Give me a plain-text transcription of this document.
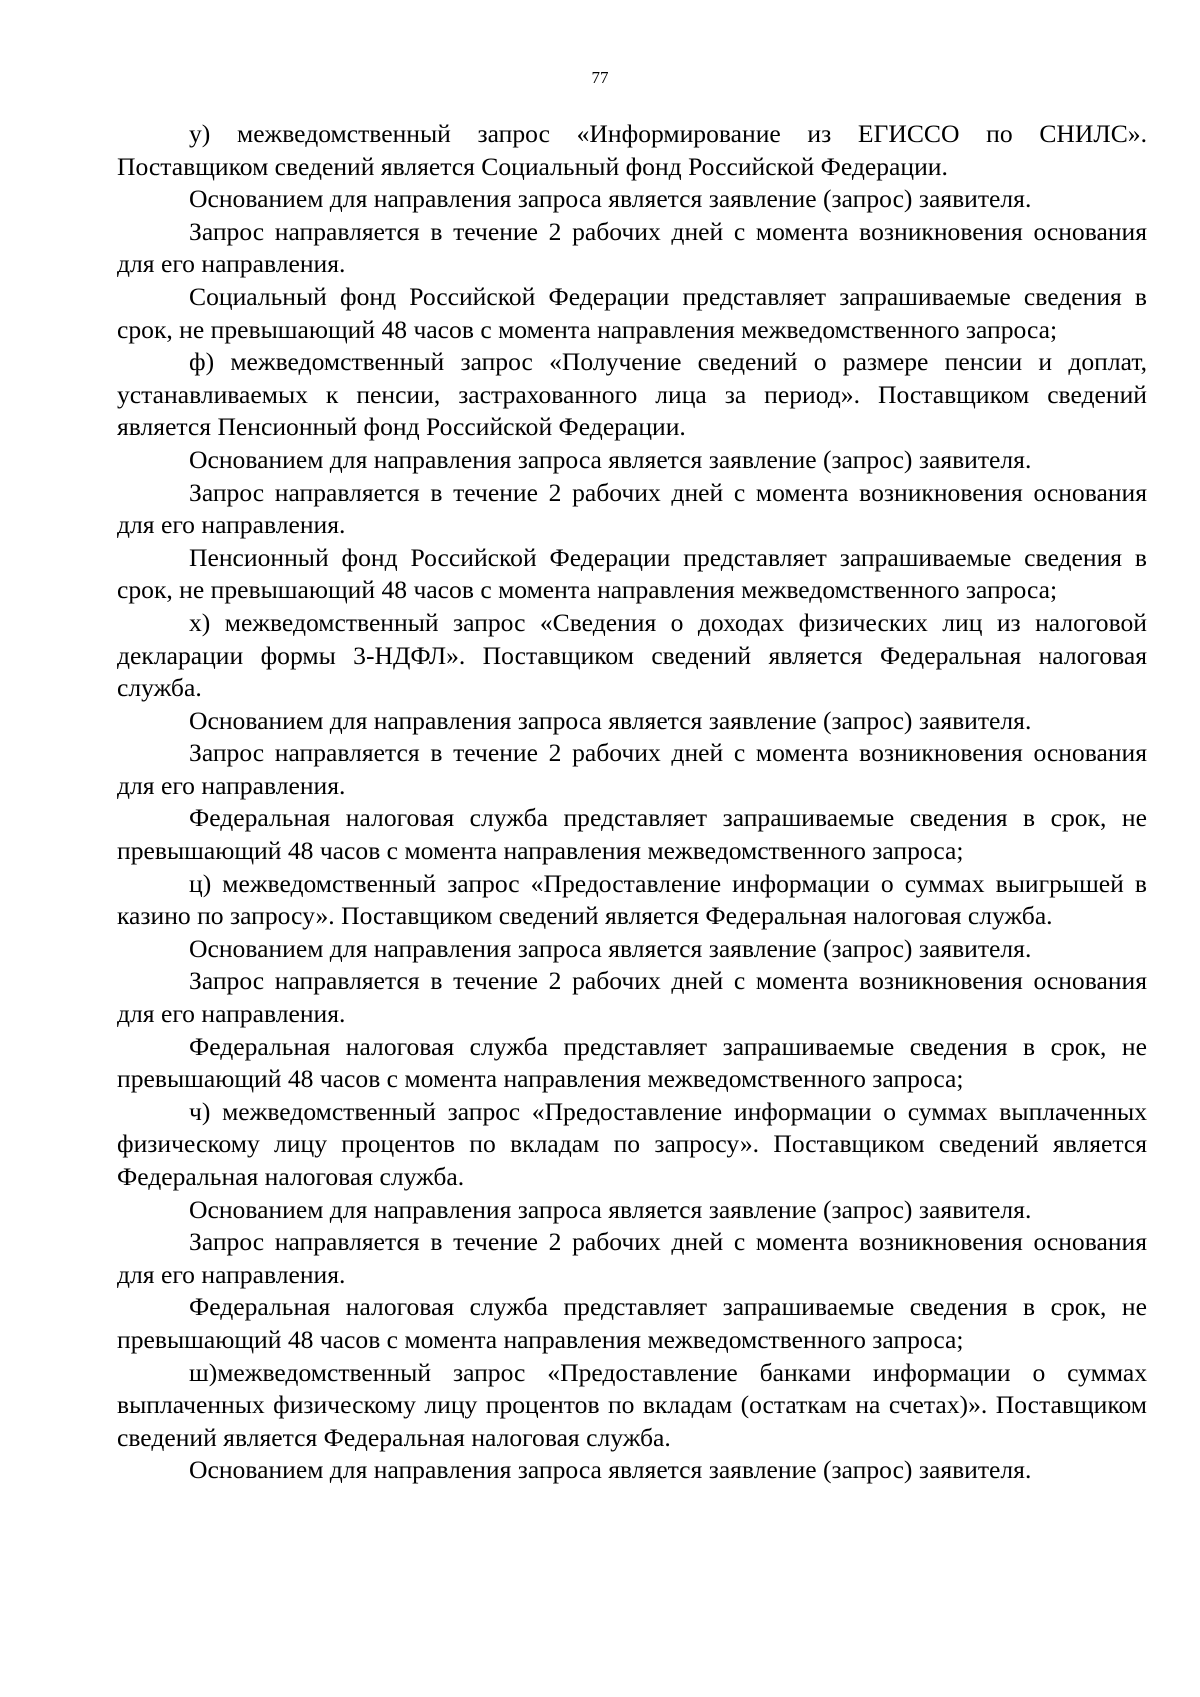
77

у) межведомственный запрос «Информирование из ЕГИССО по СНИЛС». Поставщиком сведений является Социальный фонд Российской Федерации.

Основанием для направления запроса является заявление (запрос) заявителя.

Запрос направляется в течение 2 рабочих дней с момента возникновения основания для его направления.

Социальный фонд Российской Федерации представляет запрашиваемые сведения в срок, не превышающий 48 часов с момента направления межведомственного запроса;

ф) межведомственный запрос «Получение сведений о размере пенсии и доплат, устанавливаемых к пенсии, застрахованного лица за период». Поставщиком сведений является Пенсионный фонд Российской Федерации.

Основанием для направления запроса является заявление (запрос) заявителя.

Запрос направляется в течение 2 рабочих дней с момента возникновения основания для его направления.

Пенсионный фонд Российской Федерации представляет запрашиваемые сведения в срок, не превышающий 48 часов с момента направления межведомственного запроса;

х) межведомственный запрос «Сведения о доходах физических лиц из налоговой декларации формы 3-НДФЛ». Поставщиком сведений является Федеральная налоговая служба.

Основанием для направления запроса является заявление (запрос) заявителя.

Запрос направляется в течение 2 рабочих дней с момента возникновения основания для его направления.

Федеральная налоговая служба представляет запрашиваемые сведения в срок, не превышающий 48 часов с момента направления межведомственного запроса;

ц) межведомственный запрос «Предоставление информации о суммах выигрышей в казино по запросу». Поставщиком сведений является Федеральная налоговая служба.

Основанием для направления запроса является заявление (запрос) заявителя.

Запрос направляется в течение 2 рабочих дней с момента возникновения основания для его направления.

Федеральная налоговая служба представляет запрашиваемые сведения в срок, не превышающий 48 часов с момента направления межведомственного запроса;

ч) межведомственный запрос «Предоставление информации о суммах выплаченных физическому лицу процентов по вкладам по запросу». Поставщиком сведений является Федеральная налоговая служба.

Основанием для направления запроса является заявление (запрос) заявителя.

Запрос направляется в течение 2 рабочих дней с момента возникновения основания для его направления.

Федеральная налоговая служба представляет запрашиваемые сведения в срок, не превышающий 48 часов с момента направления межведомственного запроса;

ш)межведомственный запрос «Предоставление банками информации о суммах выплаченных физическому лицу процентов по вкладам (остаткам на счетах)». Поставщиком сведений является Федеральная налоговая служба.

Основанием для направления запроса является заявление (запрос) заявителя.
